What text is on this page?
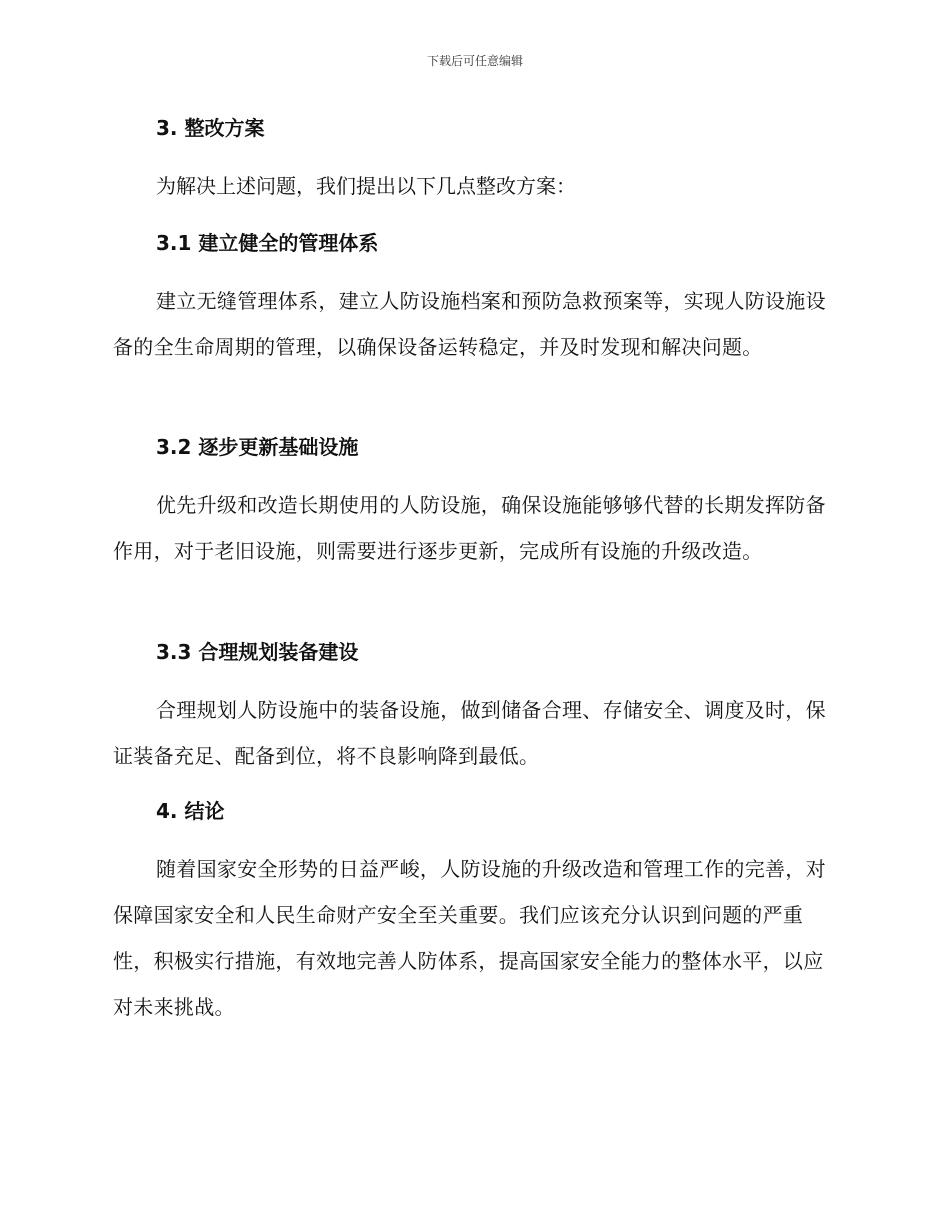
下载后可任意编辑
3. 整改方案
为解决上述问题，我们提出以下几点整改方案：
3.1 建立健全的管理体系
建立无缝管理体系，建立人防设施档案和预防急救预案等，实现人防设施设备的全生命周期的管理，以确保设备运转稳定，并及时发现和解决问题。
3.2 逐步更新基础设施
优先升级和改造长期使用的人防设施，确保设施能够够代替的长期发挥防备作用，对于老旧设施，则需要进行逐步更新，完成所有设施的升级改造。
3.3 合理规划装备建设
合理规划人防设施中的装备设施，做到储备合理、存储安全、调度及时，保证装备充足、配备到位，将不良影响降到最低。
4. 结论
随着国家安全形势的日益严峻，人防设施的升级改造和管理工作的完善，对保障国家安全和人民生命财产安全至关重要。我们应该充分认识到问题的严重性，积极实行措施，有效地完善人防体系，提高国家安全能力的整体水平，以应对未来挑战。
